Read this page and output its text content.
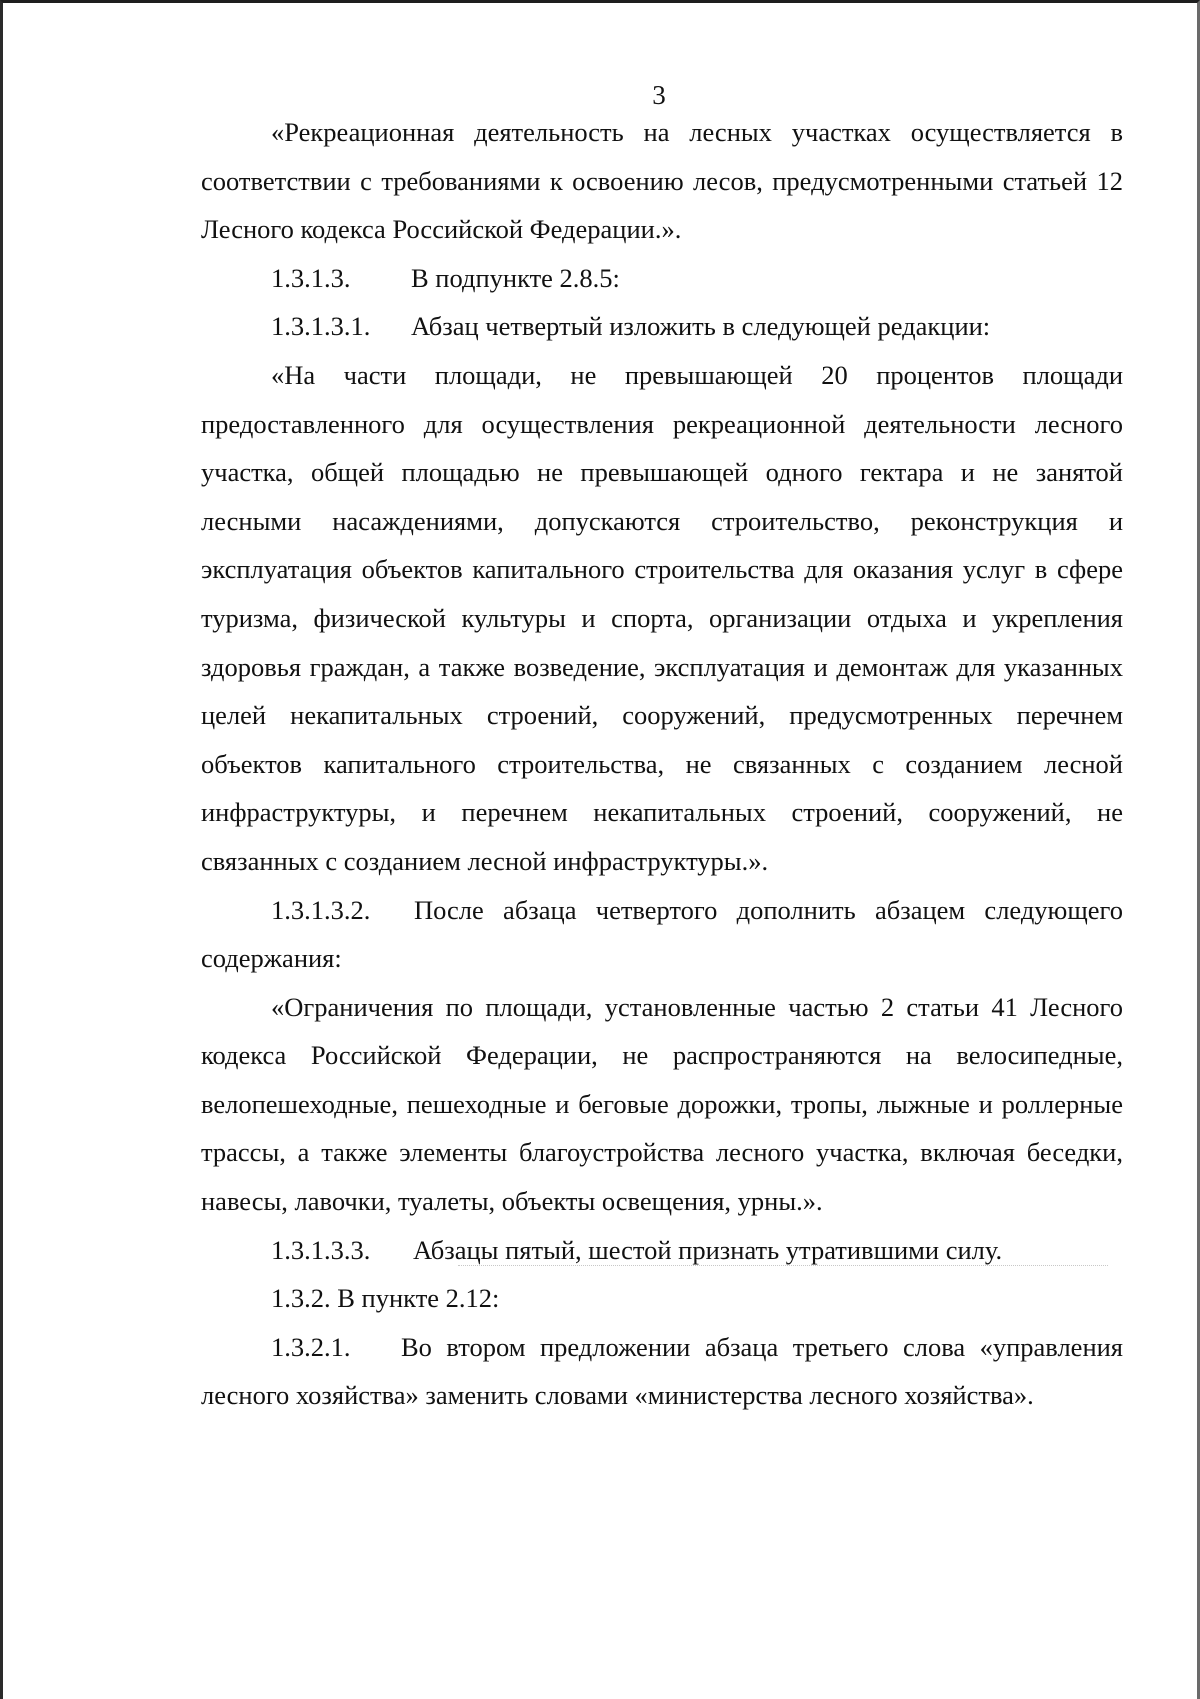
3

«Рекреационная деятельность на лесных участках осуществляется в соответствии с требованиями к освоению лесов, предусмотренными статьей 12 Лесного кодекса Российской Федерации.».

1.3.1.3.	В подпункте 2.8.5:

1.3.1.3.1.	Абзац четвертый изложить в следующей редакции:

«На части площади, не превышающей 20 процентов площади предоставленного для осуществления рекреационной деятельности лесного участка, общей площадью не превышающей одного гектара и не занятой лесными насаждениями, допускаются строительство, реконструкция и эксплуатация объектов капитального строительства для оказания услуг в сфере туризма, физической культуры и спорта, организации отдыха и укрепления здоровья граждан, а также возведение, эксплуатация и демонтаж для указанных целей некапитальных строений, сооружений, предусмотренных перечнем объектов капитального строительства, не связанных с созданием лесной инфраструктуры, и перечнем некапитальных строений, сооружений, не связанных с созданием лесной инфраструктуры.».

1.3.1.3.2. После абзаца четвертого дополнить абзацем следующего содержания:

«Ограничения по площади, установленные частью 2 статьи 41 Лесного кодекса Российской Федерации, не распространяются на велосипедные, велопешеходные, пешеходные и беговые дорожки, тропы, лыжные и роллерные трассы, а также элементы благоустройства лесного участка, включая беседки, навесы, лавочки, туалеты, объекты освещения, урны.».

1.3.1.3.3.	Абзацы пятый, шестой признать утратившими силу.

1.3.2. В пункте 2.12:

1.3.2.1. Во втором предложении абзаца третьего слова «управления лесного хозяйства» заменить словами «министерства лесного хозяйства».
